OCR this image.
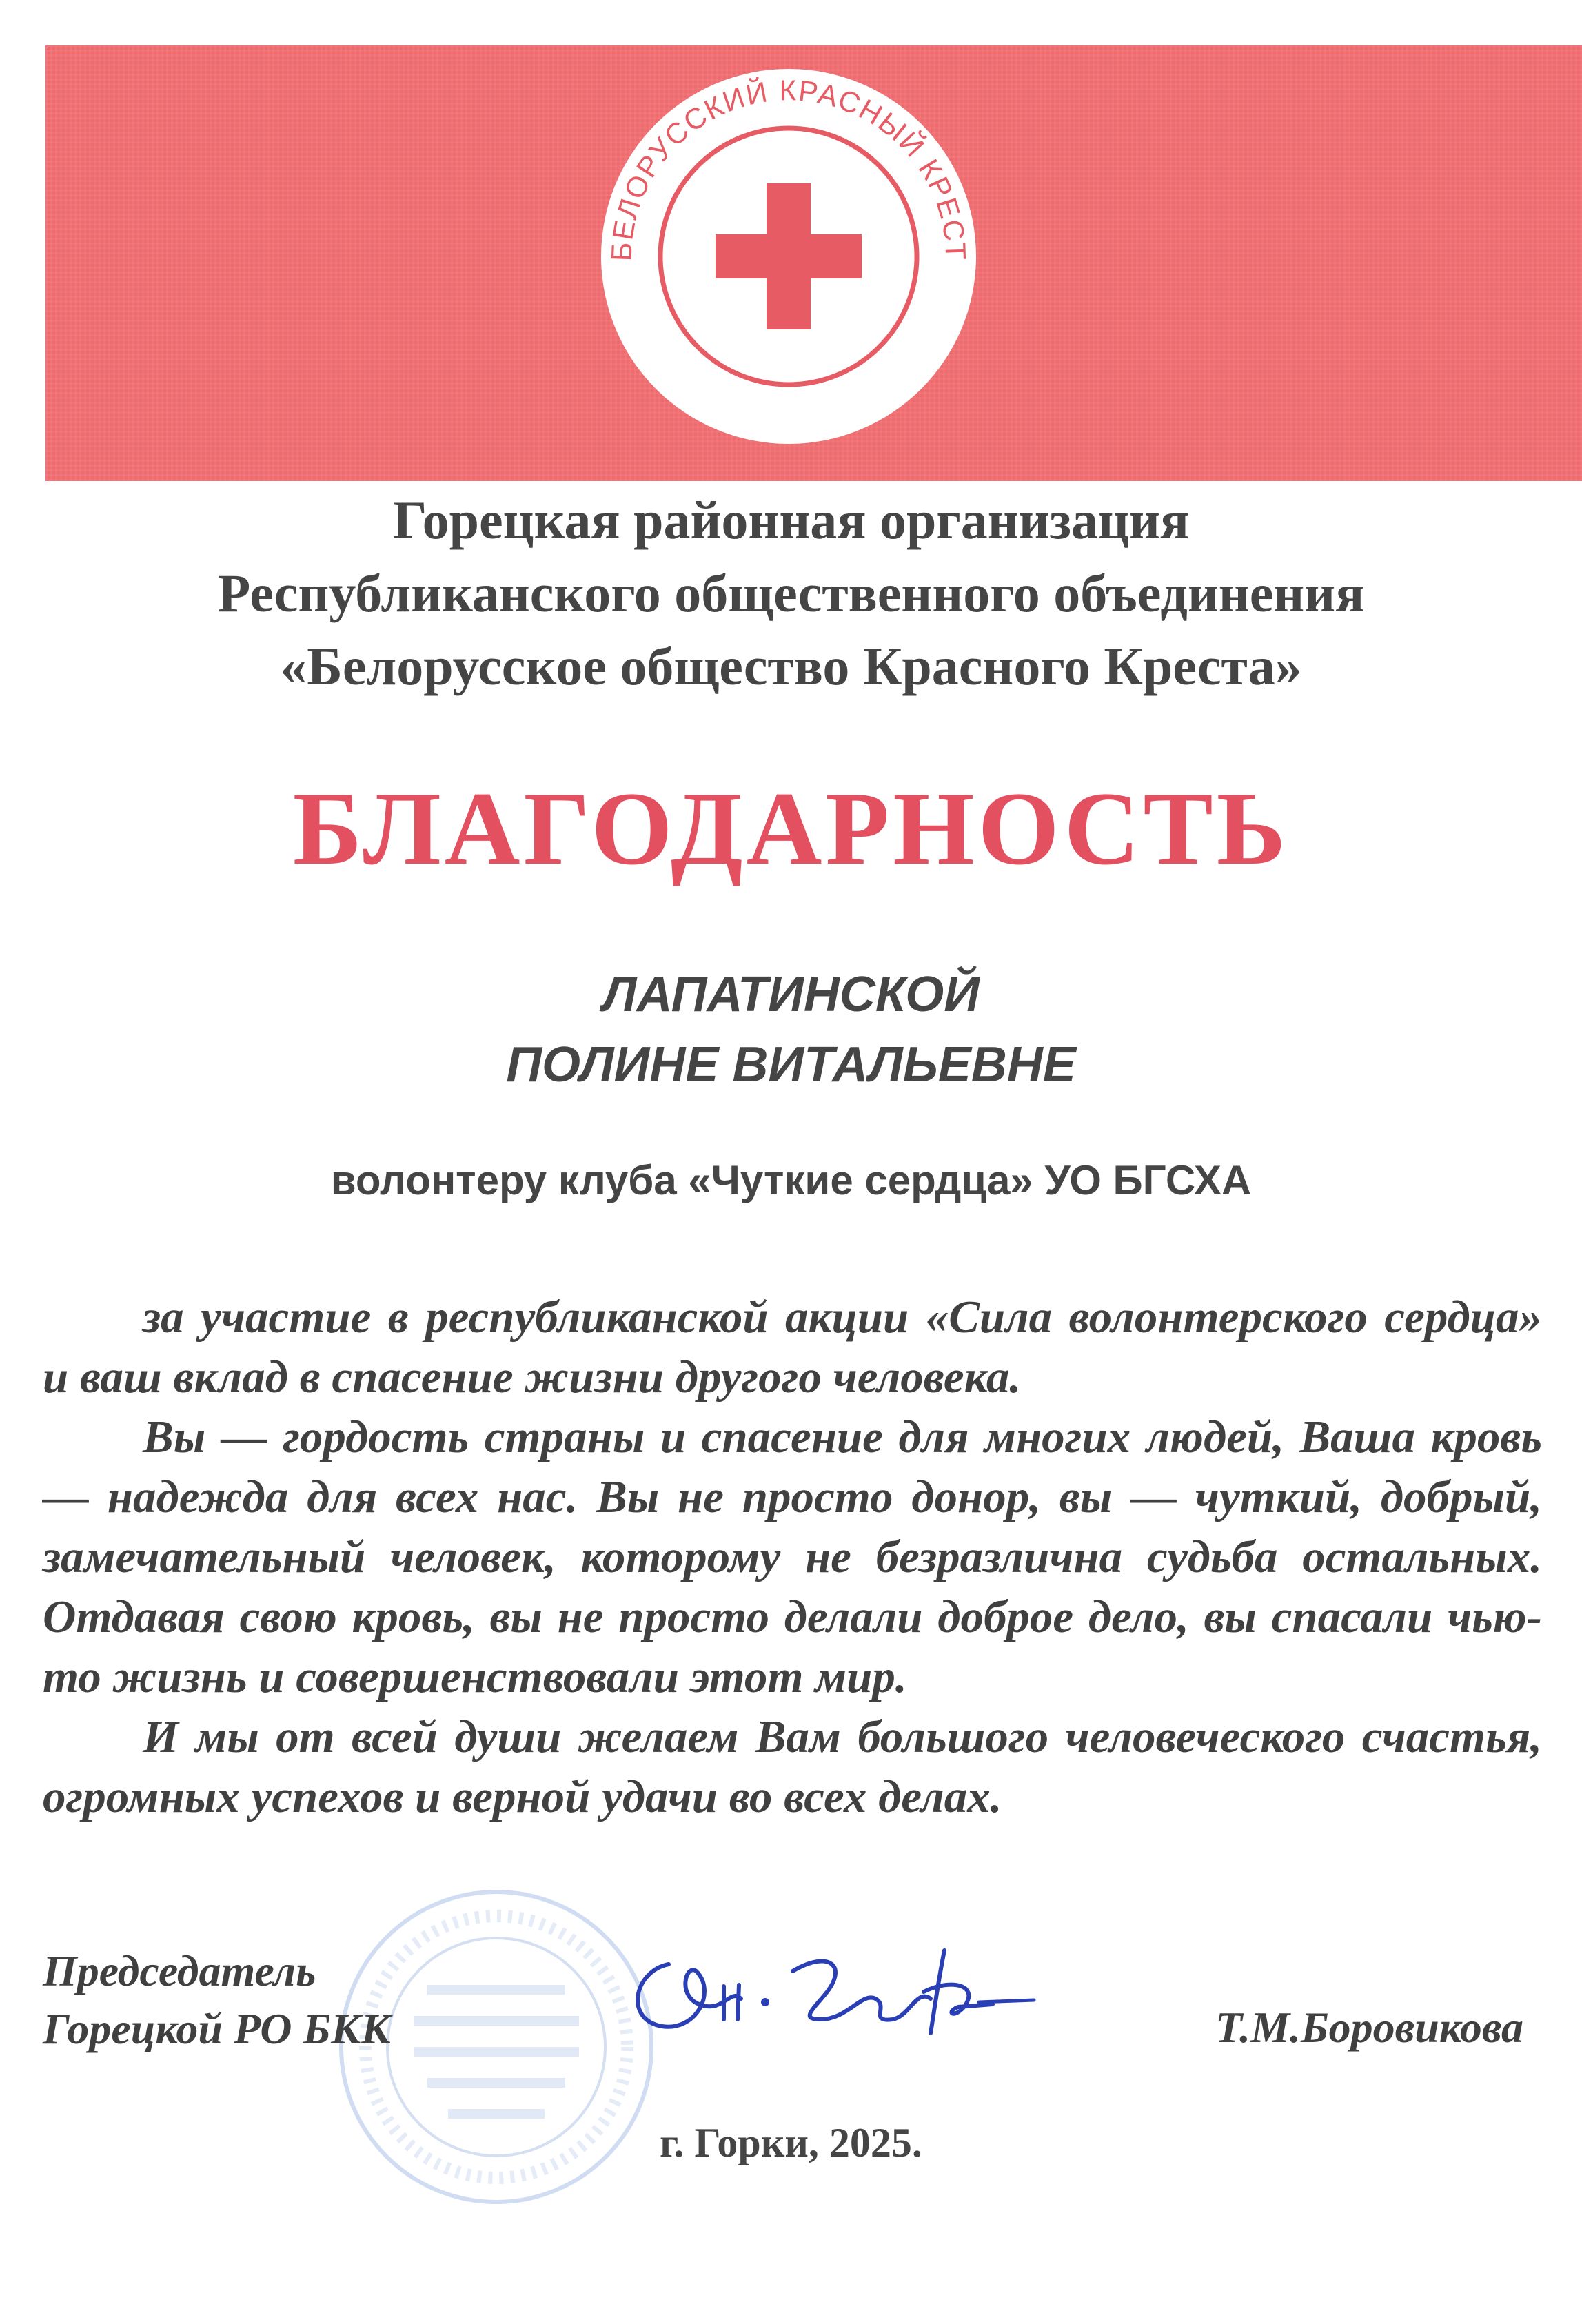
БЕЛОРУССКИЙ КРАСНЫЙ КРЕСТ
Горецкая районная организация
Республиканского общественного объединения
«Белорусское общество Красного Креста»
БЛАГОДАРНОСТЬ
ЛАПАТИНСКОЙ
ПОЛИНЕ ВИТАЛЬЕВНЕ
волонтеру клуба «Чуткие сердца» УО БГСХА

за участие в республиканской акции «Сила волонтерского сердца» и ваш вклад в спасение жизни другого человека.

Вы — гордость страны и спасение для многих людей, Ваша кровь — надежда для всех нас. Вы не просто донор, вы — чуткий, добрый, замечательный человек, которому не безразлична судьба остальных. Отдавая свою кровь, вы не просто делали доброе дело, вы спасали чью-то жизнь и совершенствовали этот мир.

И мы от всей души желаем Вам большого человеческого счастья, огромных успехов и верной удачи во всех делах.

Председатель
Горецкой РО БКК	Т.М.Боровикова
г. Горки, 2025.
